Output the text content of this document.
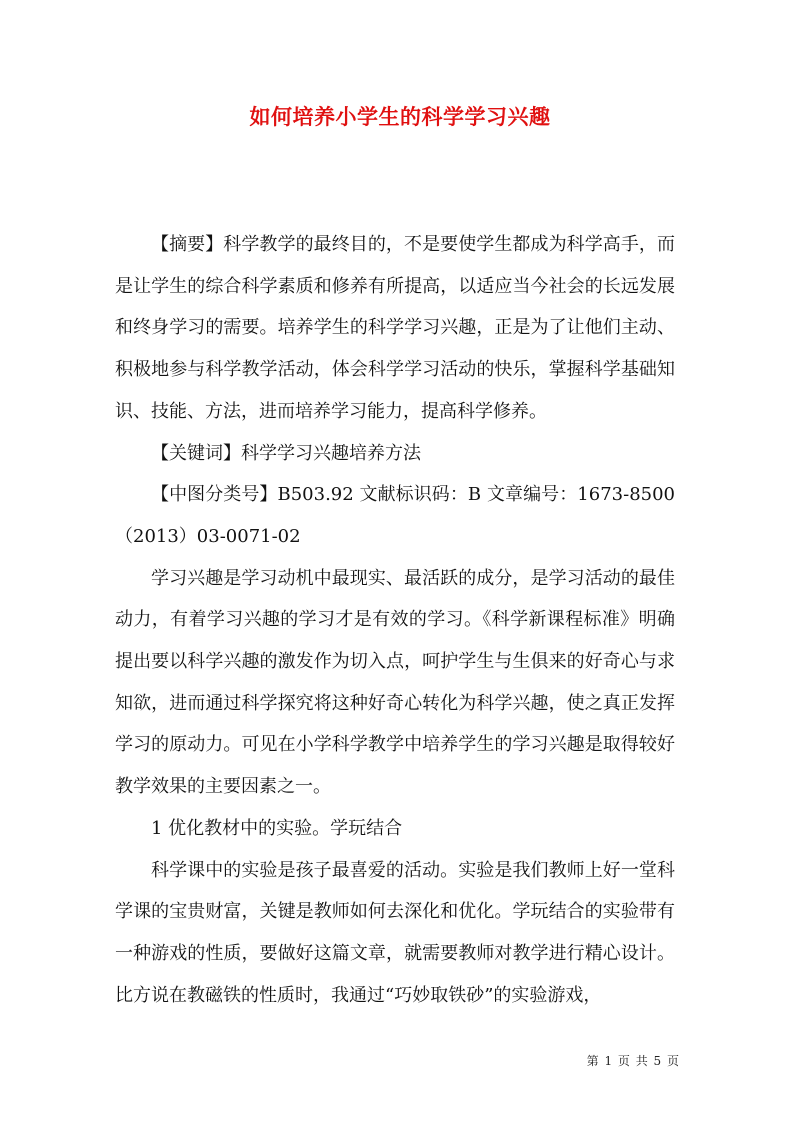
如何培养小学生的科学学习兴趣

【摘要】科学教学的最终目的，不是要使学生都成为科学高手，而是让学生的综合科学素质和修养有所提高，以适应当今社会的长远发展和终身学习的需要。培养学生的科学学习兴趣，正是为了让他们主动、积极地参与科学教学活动，体会科学学习活动的快乐，掌握科学基础知识、技能、方法，进而培养学习能力，提高科学修养。

【关键词】科学学习兴趣培养方法

【中图分类号】B503.92 文献标识码：B 文章编号：1673-8500（2013）03-0071-02

学习兴趣是学习动机中最现实、最活跃的成分，是学习活动的最佳动力，有着学习兴趣的学习才是有效的学习。《科学新课程标准》明确提出要以科学兴趣的激发作为切入点，呵护学生与生俱来的好奇心与求知欲，进而通过科学探究将这种好奇心转化为科学兴趣，使之真正发挥学习的原动力。可见在小学科学教学中培养学生的学习兴趣是取得较好教学效果的主要因素之一。

1 优化教材中的实验。学玩结合

科学课中的实验是孩子最喜爱的活动。实验是我们教师上好一堂科学课的宝贵财富，关键是教师如何去深化和优化。学玩结合的实验带有一种游戏的性质，要做好这篇文章，就需要教师对教学进行精心设计。比方说在教磁铁的性质时，我通过“巧妙取铁砂”的实验游戏，

第 1 页 共 5 页
